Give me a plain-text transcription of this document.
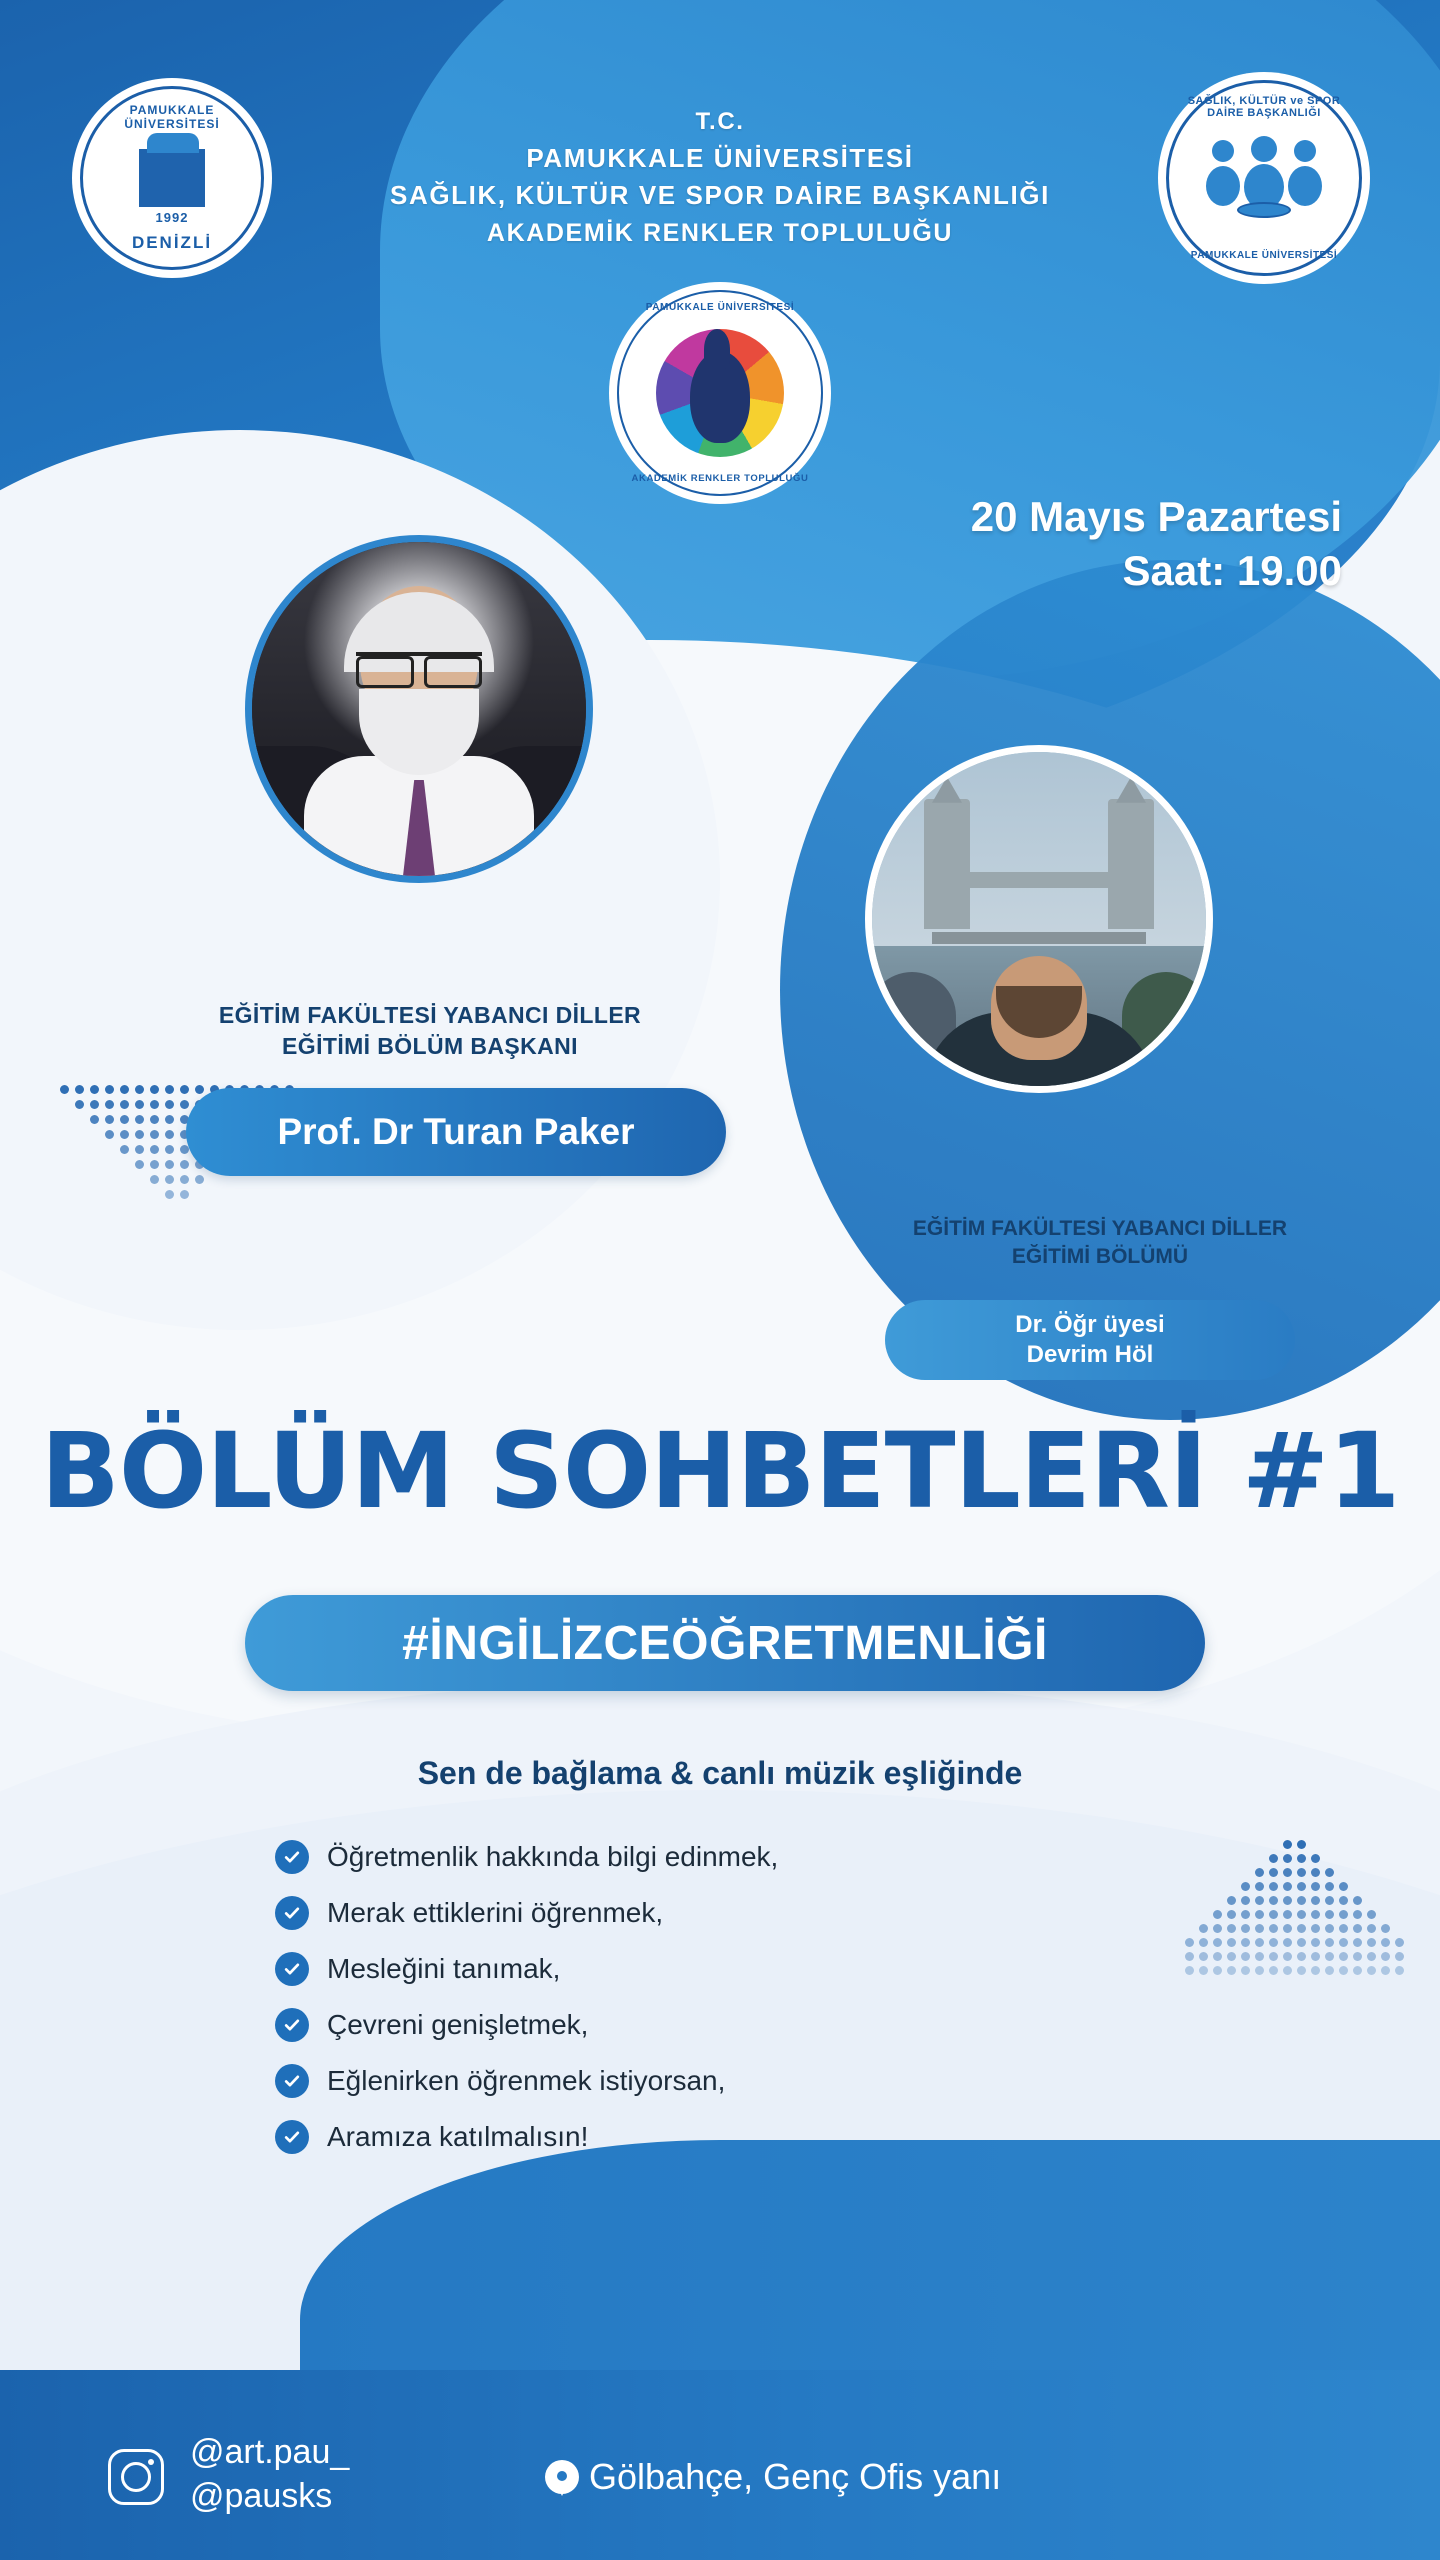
PAMUKKALE ÜNİVERSİTESİ
1992
DENİZLİ
SAĞLIK, KÜLTÜR ve SPOR DAİRE BAŞKANLIĞI
PAMUKKALE ÜNİVERSİTESİ
T.C.
PAMUKKALE ÜNİVERSİTESİ
SAĞLIK, KÜLTÜR VE SPOR DAİRE BAŞKANLIĞI
AKADEMİK RENKLER TOPLULUĞU
PAMUKKALE ÜNİVERSİTESİ
AKADEMİK RENKLER TOPLULUĞU
20 Mayıs Pazartesi
Saat: 19.00
EĞİTİM FAKÜLTESİ YABANCI DİLLER
EĞİTİMİ BÖLÜM BAŞKANI
Prof. Dr Turan Paker
EĞİTİM FAKÜLTESİ YABANCI DİLLER
EĞİTİMİ BÖLÜMÜ
Dr. Öğr üyesi
Devrim Höl
BÖLÜM SOHBETLERİ #1
#İNGİLİZCEÖĞRETMENLİĞİ
Sen de bağlama & canlı müzik eşliğinde
Öğretmenlik hakkında bilgi edinmek,
Merak ettiklerini öğrenmek,
Mesleğini tanımak,
Çevreni genişletmek,
Eğlenirken öğrenmek istiyorsan,
Aramıza katılmalısın!
@art.pau_
@pausks	Gölbahçe, Genç Ofis yanı
